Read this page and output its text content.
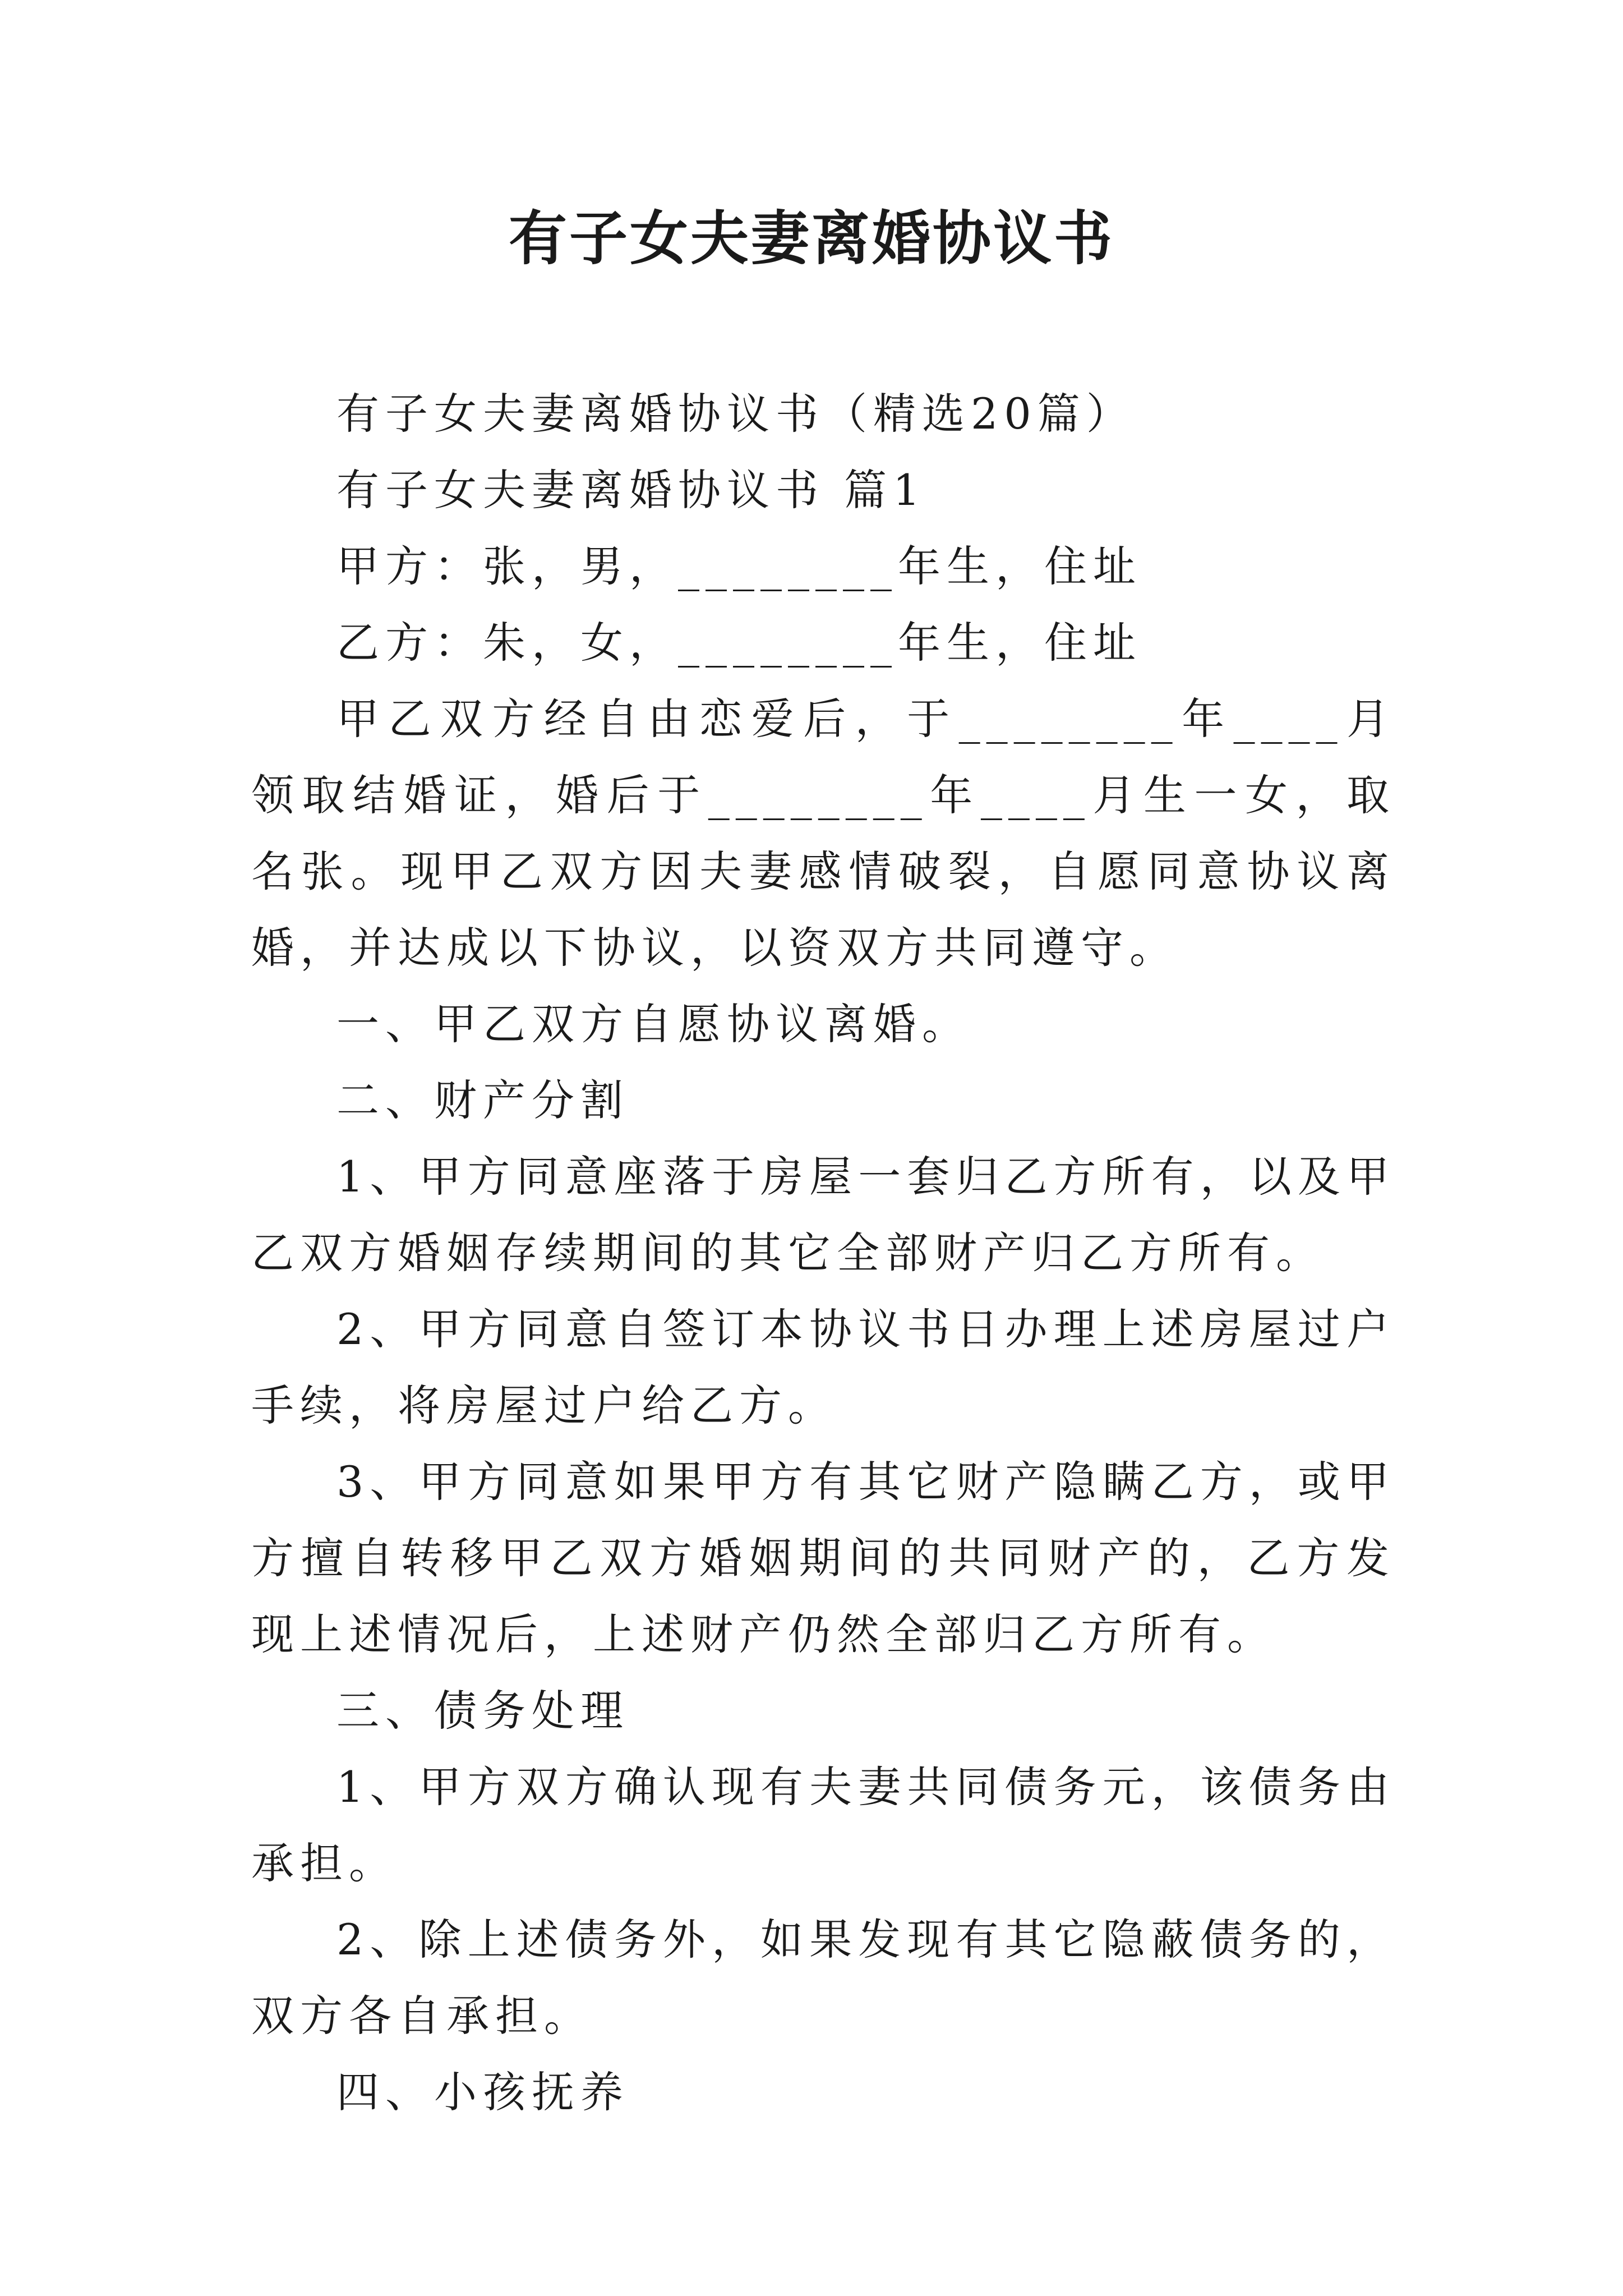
有子女夫妻离婚协议书

有子女夫妻离婚协议书（精选20篇）

有子女夫妻离婚协议书 篇1

甲方：张，男，________年生，住址

乙方：朱，女，________年生，住址

甲乙双方经自由恋爱后，于________年____月领取结婚证，婚后于________年____月生一女，取名张。现甲乙双方因夫妻感情破裂，自愿同意协议离婚，并达成以下协议，以资双方共同遵守。

一、甲乙双方自愿协议离婚。

二、财产分割

1、甲方同意座落于房屋一套归乙方所有，以及甲乙双方婚姻存续期间的其它全部财产归乙方所有。

2、甲方同意自签订本协议书日办理上述房屋过户手续，将房屋过户给乙方。

3、甲方同意如果甲方有其它财产隐瞒乙方，或甲方擅自转移甲乙双方婚姻期间的共同财产的，乙方发现上述情况后，上述财产仍然全部归乙方所有。

三、债务处理

1、甲方双方确认现有夫妻共同债务元，该债务由承担。

2、除上述债务外，如果发现有其它隐蔽债务的，双方各自承担。

四、小孩抚养
